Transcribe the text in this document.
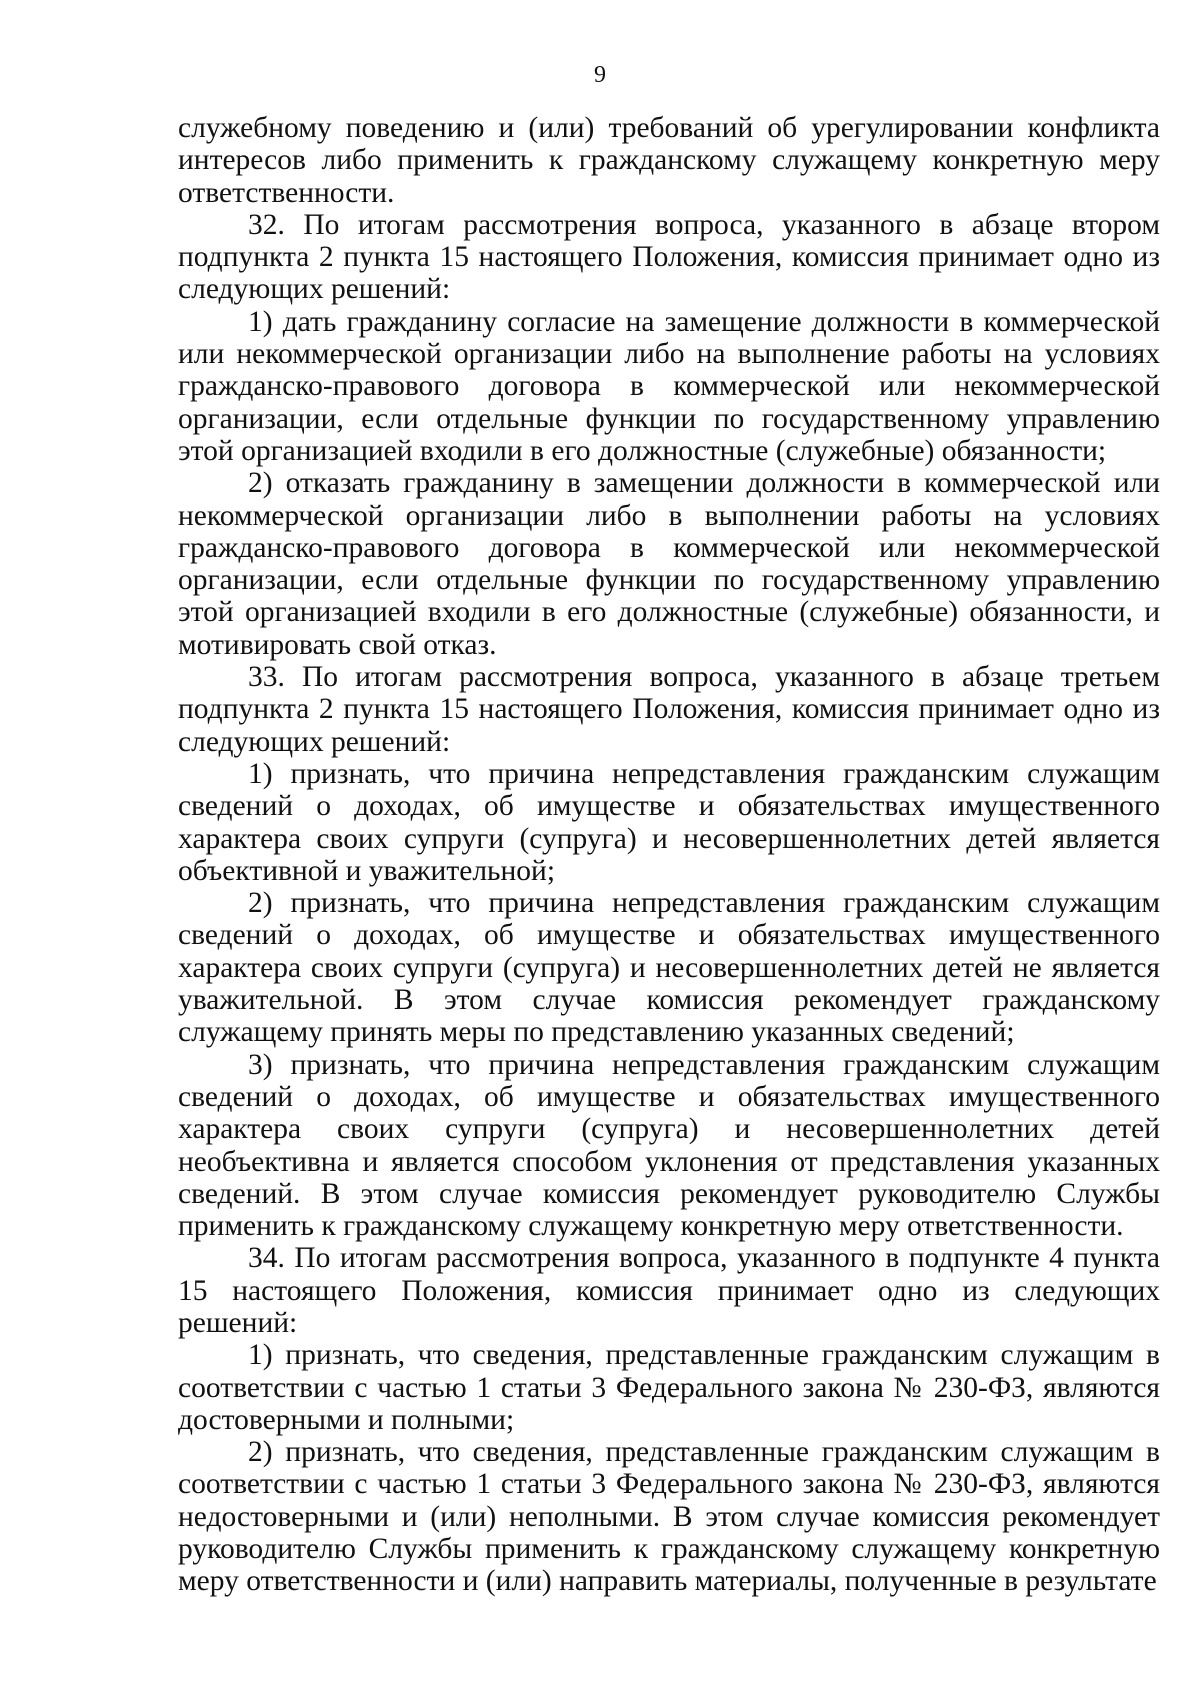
9

служебному поведению и (или) требований об урегулировании конфликта интересов либо применить к гражданскому служащему конкретную меру ответственности.

32. По итогам рассмотрения вопроса, указанного в абзаце втором подпункта 2 пункта 15 настоящего Положения, комиссия принимает одно из следующих решений:

1) дать гражданину согласие на замещение должности в коммерческой или некоммерческой организации либо на выполнение работы на условиях гражданско-правового договора в коммерческой или некоммерческой организации, если отдельные функции по государственному управлению этой организацией входили в его должностные (служебные) обязанности;

2) отказать гражданину в замещении должности в коммерческой или некоммерческой организации либо в выполнении работы на условиях гражданско-правового договора в коммерческой или некоммерческой организации, если отдельные функции по государственному управлению этой организацией входили в его должностные (служебные) обязанности, и мотивировать свой отказ.

33. По итогам рассмотрения вопроса, указанного в абзаце третьем подпункта 2 пункта 15 настоящего Положения, комиссия принимает одно из следующих решений:

1) признать, что причина непредставления гражданским служащим сведений о доходах, об имуществе и обязательствах имущественного характера своих супруги (супруга) и несовершеннолетних детей является объективной и уважительной;

2) признать, что причина непредставления гражданским служащим сведений о доходах, об имуществе и обязательствах имущественного характера своих супруги (супруга) и несовершеннолетних детей не является уважительной. В этом случае комиссия рекомендует гражданскому служащему принять меры по представлению указанных сведений;

3) признать, что причина непредставления гражданским служащим сведений о доходах, об имуществе и обязательствах имущественного характера своих супруги (супруга) и несовершеннолетних детей необъективна и является способом уклонения от представления указанных сведений. В этом случае комиссия рекомендует руководителю Службы применить к гражданскому служащему конкретную меру ответственности.

34. По итогам рассмотрения вопроса, указанного в подпункте 4 пункта 15 настоящего Положения, комиссия принимает одно из следующих решений:

1) признать, что сведения, представленные гражданским служащим в соответствии с частью 1 статьи 3 Федерального закона № 230-ФЗ, являются достоверными и полными;

2) признать, что сведения, представленные гражданским служащим в соответствии с частью 1 статьи 3 Федерального закона № 230-ФЗ, являются недостоверными и (или) неполными. В этом случае комиссия рекомендует руководителю Службы применить к гражданскому служащему конкретную меру ответственности и (или) направить материалы, полученные в результате
